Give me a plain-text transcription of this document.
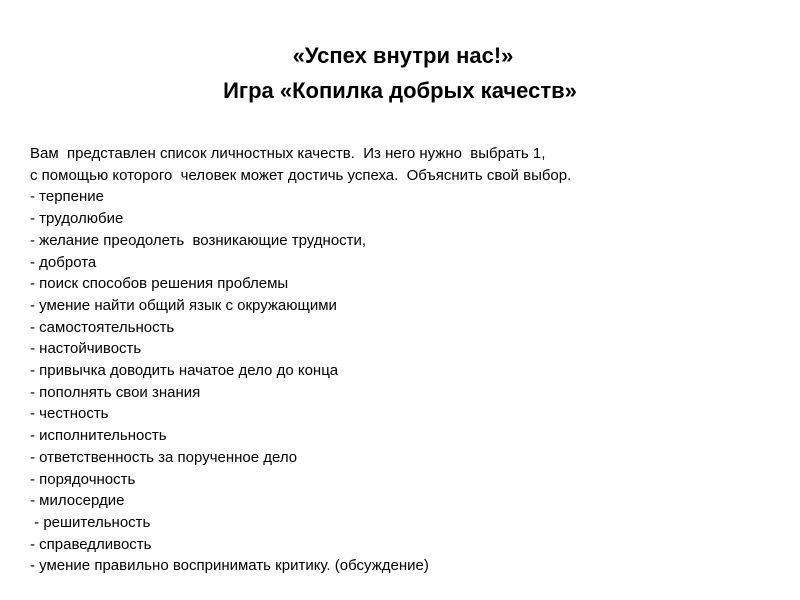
«Успех внутри нас!»
Игра «Копилка добрых качеств»
Вам  представлен список личностных качеств.  Из него нужно  выбрать 1,
с помощью которого  человек может достичь успеха.  Объяснить свой выбор.
- терпение
- трудолюбие
- желание преодолеть  возникающие трудности,
- доброта
- поиск способов решения проблемы
- умение найти общий язык с окружающими
- самостоятельность
- настойчивость
- привычка доводить начатое дело до конца
- пополнять свои знания
- честность
- исполнительность
- ответственность за порученное дело
- порядочность
- милосердие
- решительность
- справедливость
- умение правильно воспринимать критику. (обсуждение)
